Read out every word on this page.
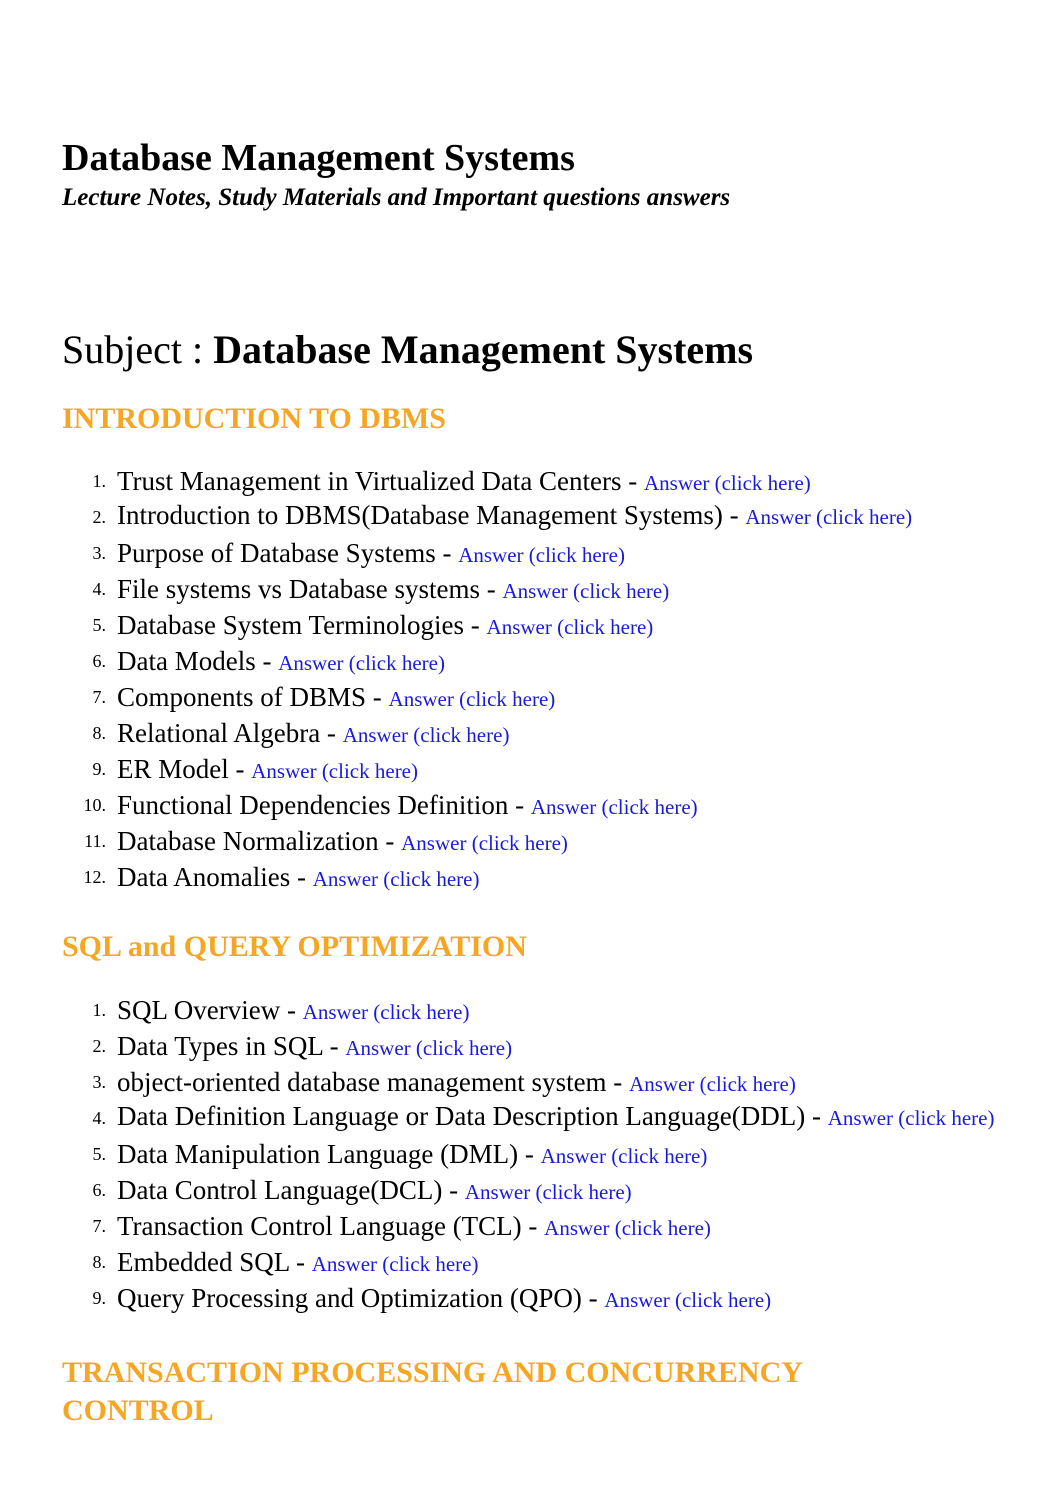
Database Management Systems
Lecture Notes, Study Materials and Important questions answers
Subject : Database Management Systems
INTRODUCTION TO DBMS
1. Trust Management in Virtualized Data Centers - Answer (click here)
2. Introduction to DBMS(Database Management Systems) - Answer (click here)
3. Purpose of Database Systems - Answer (click here)
4. File systems vs Database systems - Answer (click here)
5. Database System Terminologies - Answer (click here)
6. Data Models - Answer (click here)
7. Components of DBMS - Answer (click here)
8. Relational Algebra - Answer (click here)
9. ER Model - Answer (click here)
10. Functional Dependencies Definition - Answer (click here)
11. Database Normalization - Answer (click here)
12. Data Anomalies - Answer (click here)
SQL and QUERY OPTIMIZATION
1. SQL Overview - Answer (click here)
2. Data Types in SQL - Answer (click here)
3. object-oriented database management system - Answer (click here)
4. Data Definition Language or Data Description Language(DDL) - Answer (click here)
5. Data Manipulation Language (DML) - Answer (click here)
6. Data Control Language(DCL) - Answer (click here)
7. Transaction Control Language (TCL) - Answer (click here)
8. Embedded SQL - Answer (click here)
9. Query Processing and Optimization (QPO) - Answer (click here)
TRANSACTION PROCESSING AND CONCURRENCY CONTROL
